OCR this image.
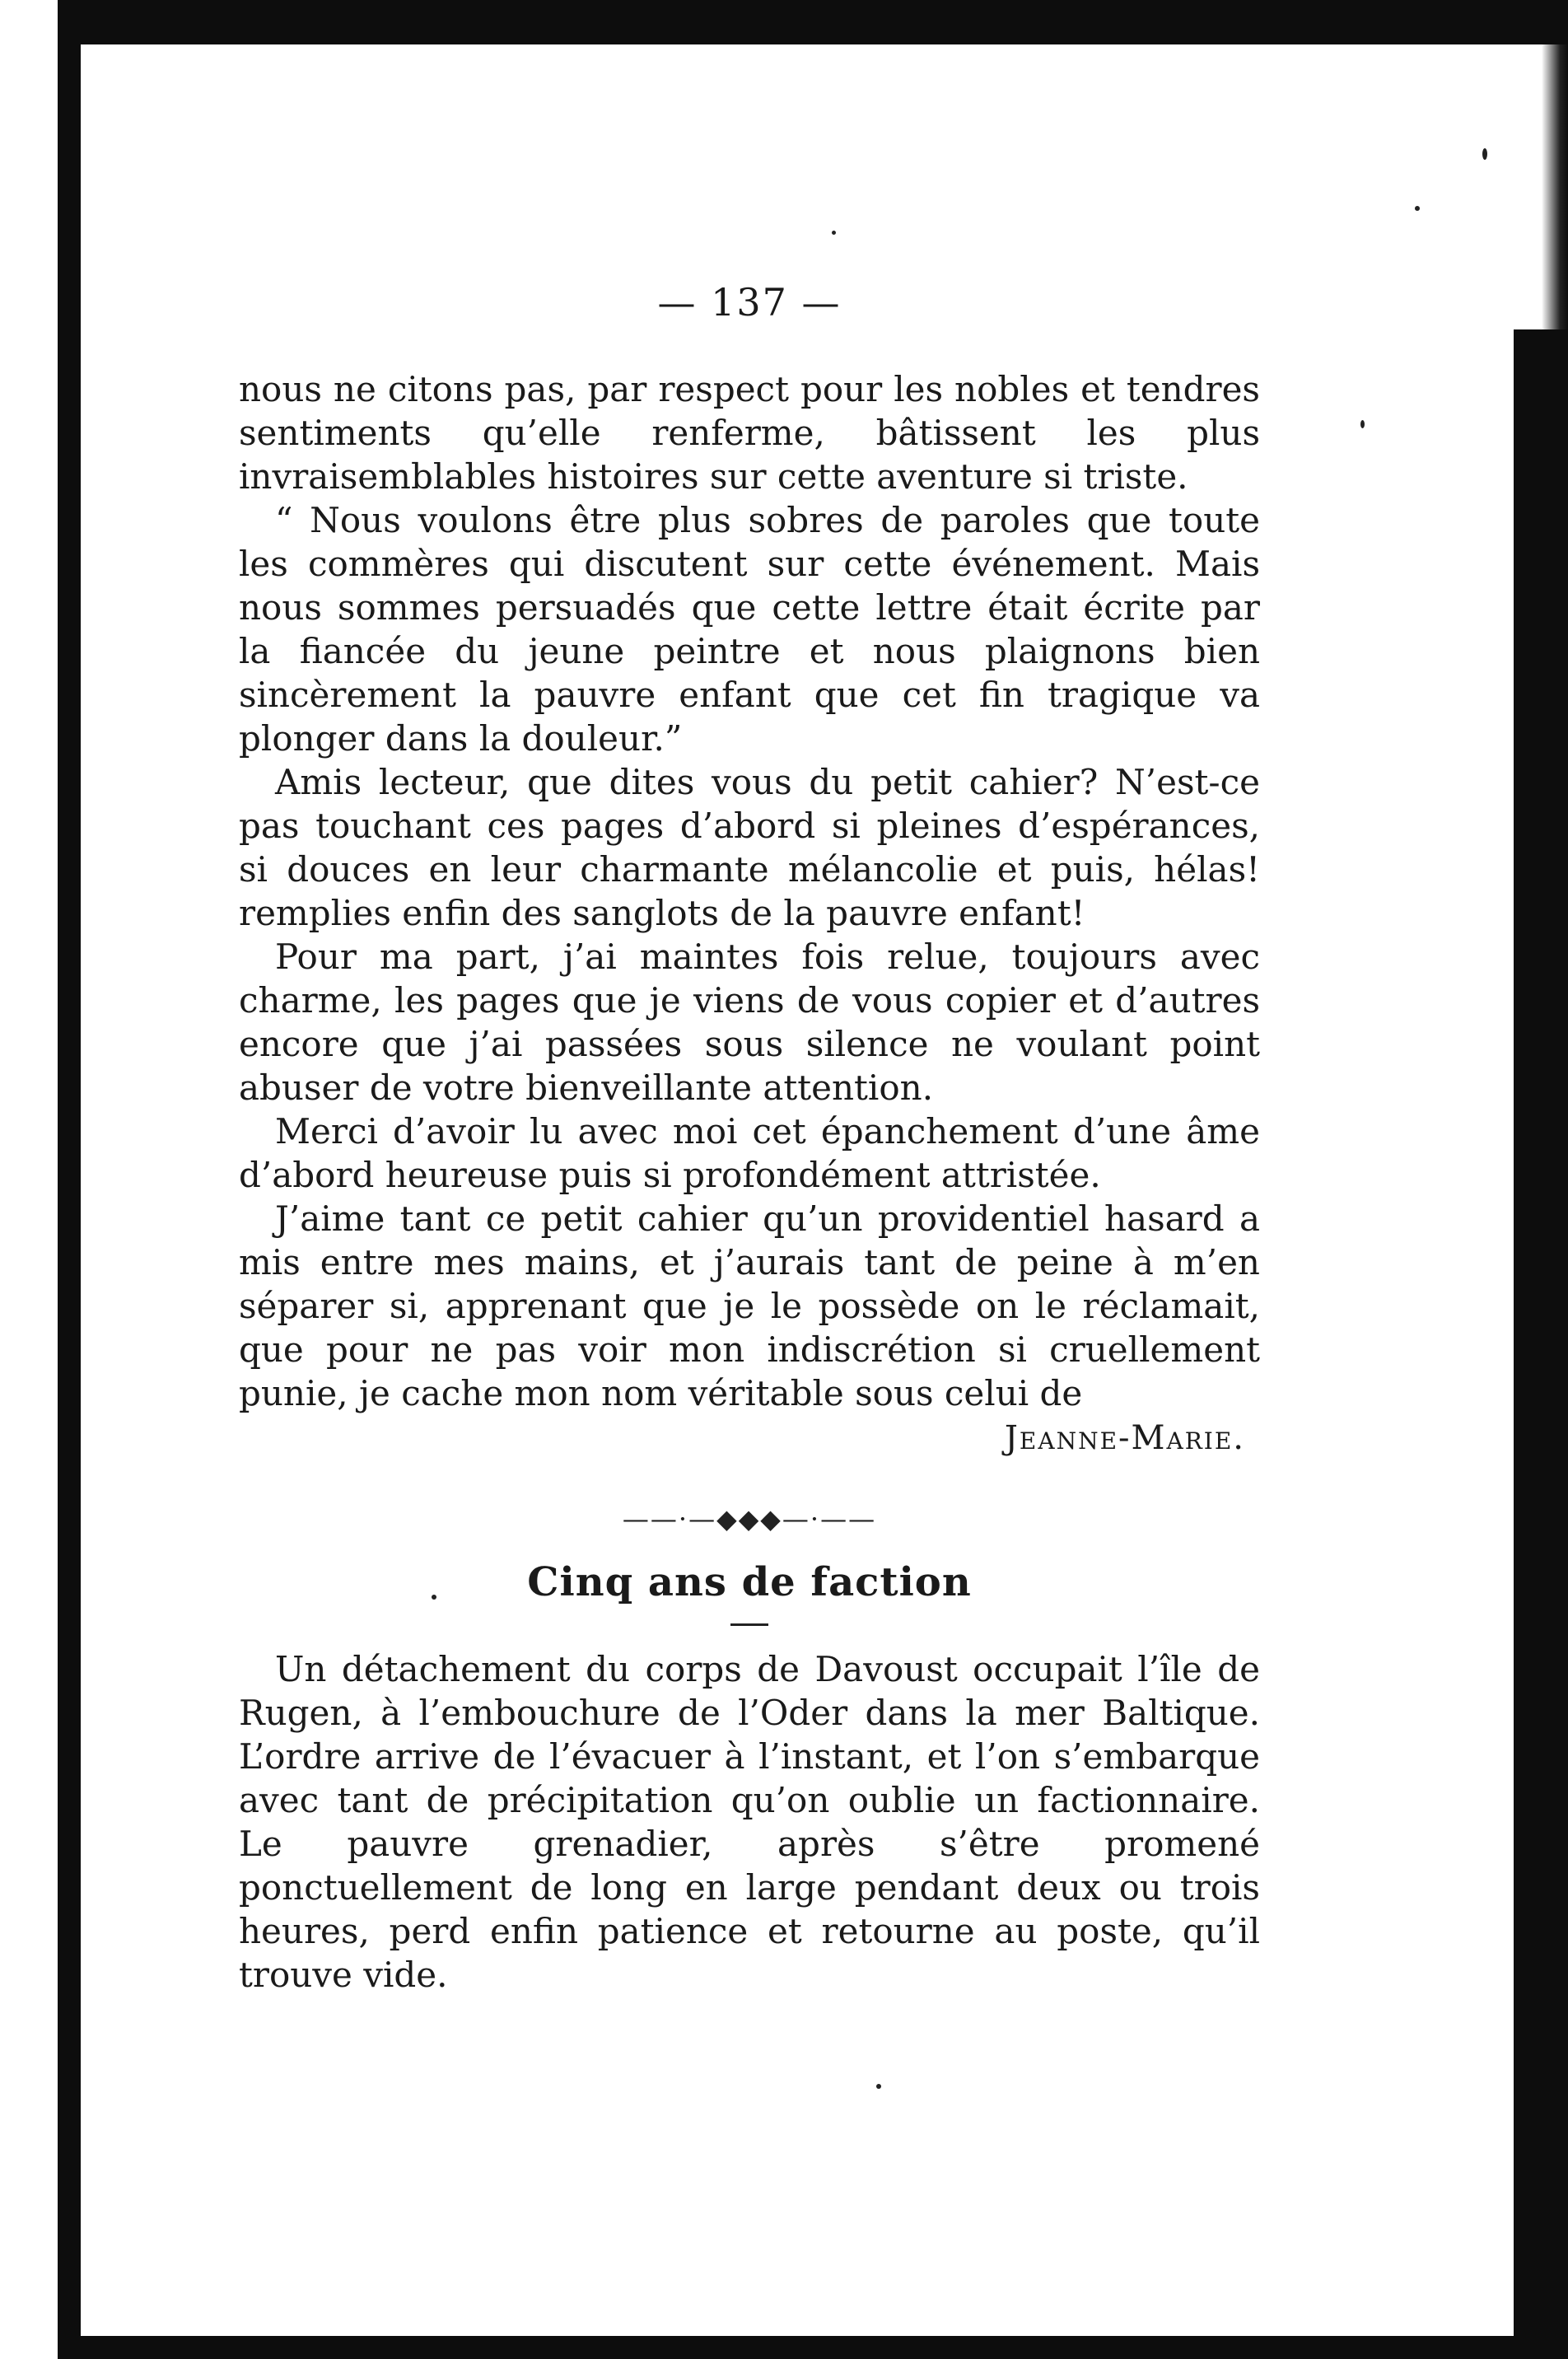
— 137 —

nous ne citons pas, par respect pour les nobles et tendres sentiments qu’elle renferme, bâtissent les plus invraisemblables histoires sur cette aventure si triste.

“ Nous voulons être plus sobres de paroles que toute les commères qui discutent sur cette événement. Mais nous sommes persuadés que cette lettre était écrite par la fiancée du jeune peintre et nous plaignons bien sincèrement la pauvre enfant que cet fin tragique va plonger dans la douleur.”

Amis lecteur, que dites vous du petit cahier? N’est-ce pas touchant ces pages d’abord si pleines d’espérances, si douces en leur charmante mélancolie et puis, hélas! remplies enfin des sanglots de la pauvre enfant!

Pour ma part, j’ai maintes fois relue, toujours avec charme, les pages que je viens de vous copier et d’autres encore que j’ai passées sous silence ne voulant point abuser de votre bienveillante attention.

Merci d’avoir lu avec moi cet épanchement d’une âme d’abord heureuse puis si profondément attristée.

J’aime tant ce petit cahier qu’un providentiel hasard a mis entre mes mains, et j’aurais tant de peine à m’en séparer si, apprenant que je le possède on le réclamait, que pour ne pas voir mon indiscrétion si cruellement punie, je cache mon nom véritable sous celui de

Jeanne-Marie.
——·—◆◆◆—·——
Cinq ans de faction

Un détachement du corps de Davoust occupait l’île de Rugen, à l’embouchure de l’Oder dans la mer Baltique. L’ordre arrive de l’évacuer à l’instant, et l’on s’embarque avec tant de précipitation qu’on oublie un factionnaire. Le pauvre grenadier, après s’être promené ponctuellement de long en large pendant deux ou trois heures, perd enfin patience et retourne au poste, qu’il trouve vide.
